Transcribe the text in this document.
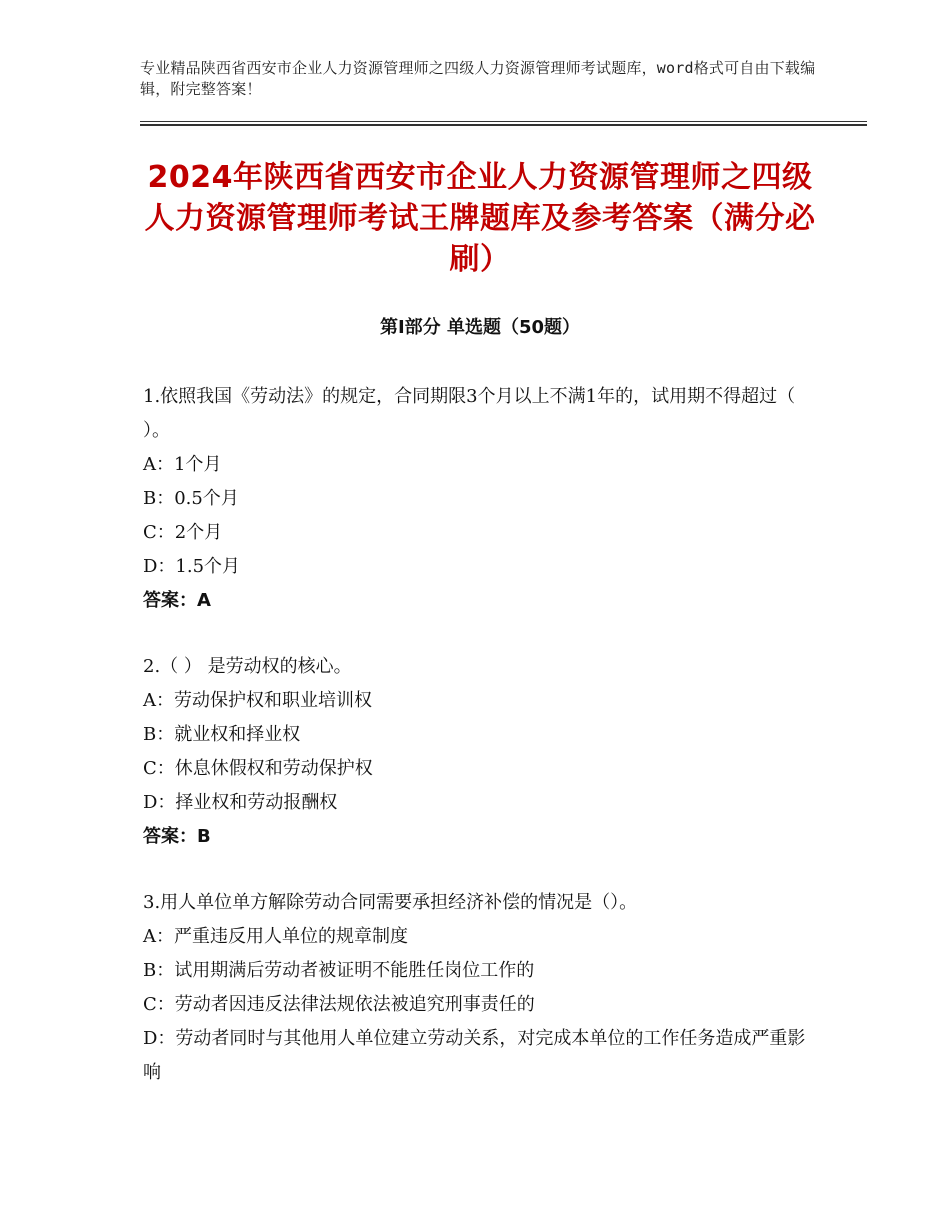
专业精品陕西省西安市企业人力资源管理师之四级人力资源管理师考试题库，word格式可自由下载编辑，附完整答案！
2024年陕西省西安市企业人力资源管理师之四级人力资源管理师考试王牌题库及参考答案（满分必刷）
第Ⅰ部分 单选题（50题）
1.依照我国《劳动法》的规定，合同期限3个月以上不满1年的，试用期不得超过（ ）。
A：1个月
B：0.5个月
C：2个月
D：1.5个月
答案：A
2.（ ） 是劳动权的核心。
A：劳动保护权和职业培训权
B：就业权和择业权
C：休息休假权和劳动保护权
D：择业权和劳动报酬权
答案：B
3.用人单位单方解除劳动合同需要承担经济补偿的情况是（）。
A：严重违反用人单位的规章制度
B：试用期满后劳动者被证明不能胜任岗位工作的
C：劳动者因违反法律法规依法被追究刑事责任的
D：劳动者同时与其他用人单位建立劳动关系，对完成本单位的工作任务造成严重影响
